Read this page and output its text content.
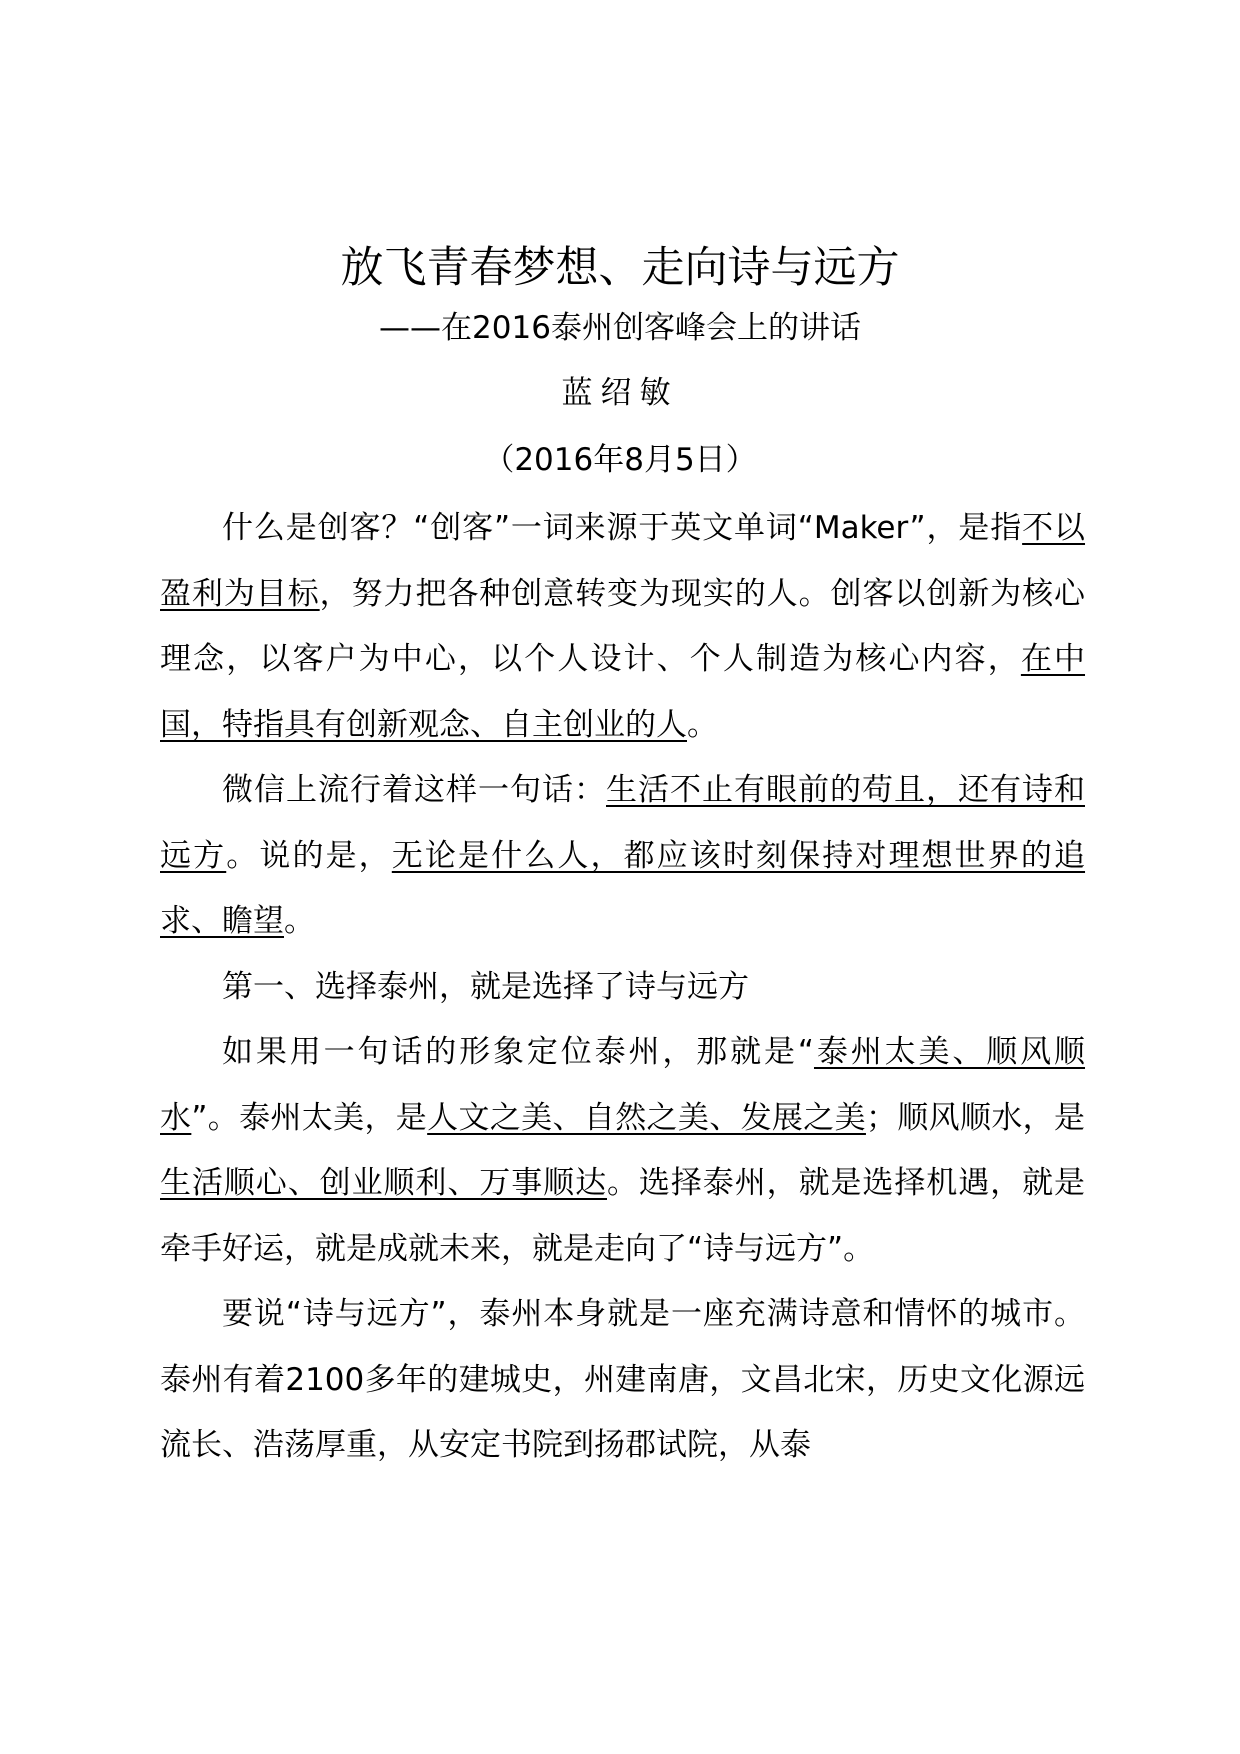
放飞青春梦想、走向诗与远方
——在2016泰州创客峰会上的讲话
蓝绍敏
（2016年8月5日）

什么是创客？“创客”一词来源于英文单词“Maker”，是指不以盈利为目标，努力把各种创意转变为现实的人。创客以创新为核心理念，以客户为中心，以个人设计、个人制造为核心内容，在中国，特指具有创新观念、自主创业的人。

微信上流行着这样一句话：生活不止有眼前的苟且，还有诗和远方。说的是，无论是什么人，都应该时刻保持对理想世界的追求、瞻望。

第一、选择泰州，就是选择了诗与远方

如果用一句话的形象定位泰州，那就是“泰州太美、顺风顺水”。泰州太美，是人文之美、自然之美、发展之美；顺风顺水，是生活顺心、创业顺利、万事顺达。选择泰州，就是选择机遇，就是牵手好运，就是成就未来，就是走向了“诗与远方”。

要说“诗与远方”，泰州本身就是一座充满诗意和情怀的城市。泰州有着2100多年的建城史，州建南唐，文昌北宋，历史文化源远流长、浩荡厚重，从安定书院到扬郡试院，从泰
